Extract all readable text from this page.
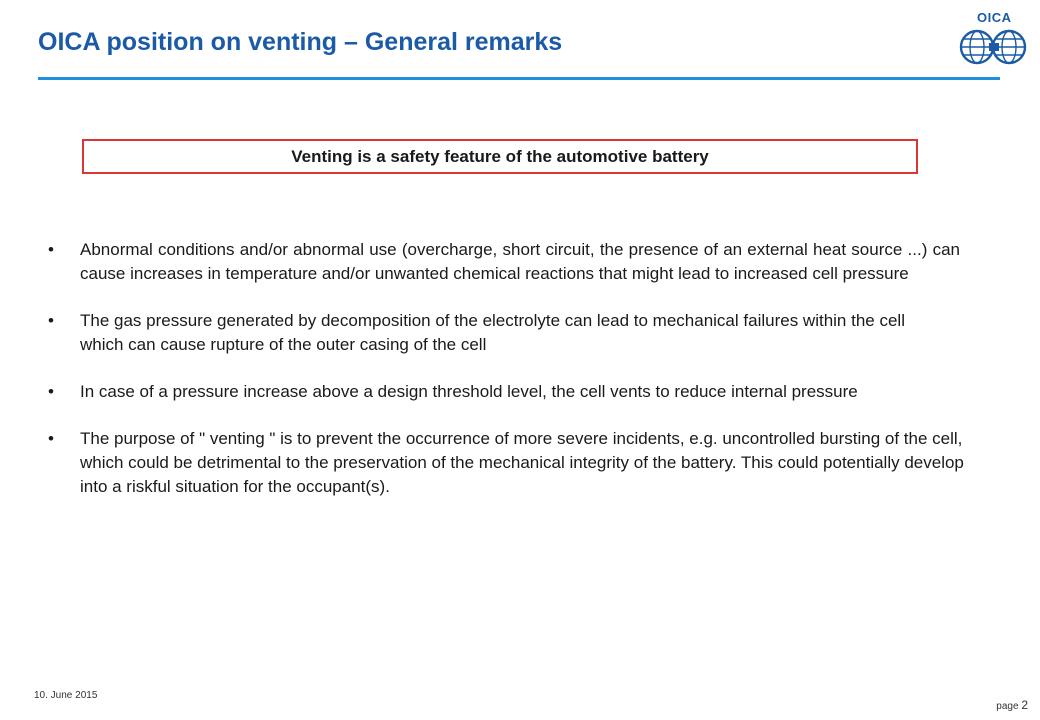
OICA position on venting – General remarks
OICA
Venting is a safety feature of the automotive battery
• Abnormal conditions and/or abnormal use (overcharge, short circuit, the presence of an external heat source ...) can cause increases in temperature and/or unwanted chemical reactions that might lead to increased cell pressure
• The gas pressure generated by decomposition of the electrolyte can lead to mechanical failures within the cell which can cause rupture of the outer casing of the cell
• In case of a pressure increase above a design threshold level, the cell vents to reduce internal pressure
• The purpose of " venting " is to prevent the occurrence of more severe incidents, e.g. uncontrolled bursting of the cell, which could be detrimental to the preservation of the mechanical integrity of the battery. This could potentially develop into a riskful situation for the occupant(s).
10. June 2015
page 2
